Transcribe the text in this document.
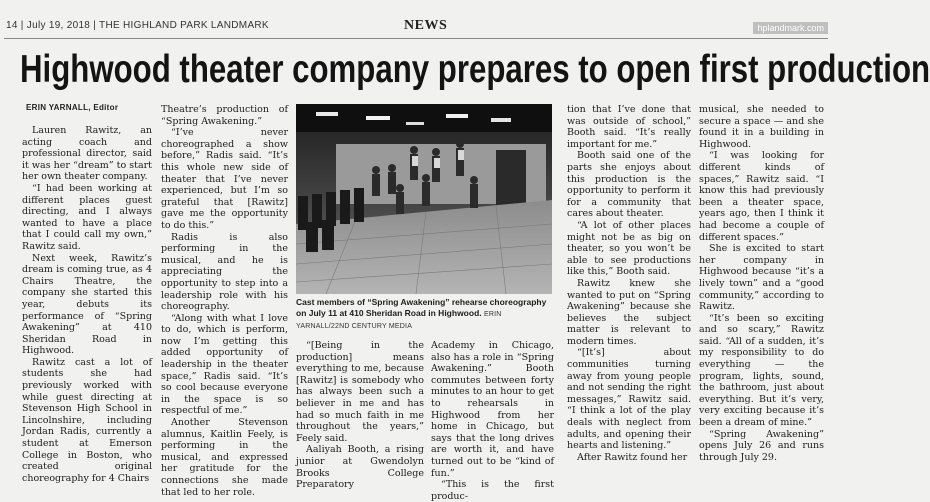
14 | July 19, 2018 | THE HIGHLAND PARK LANDMARK	NEWS	hplandmark.com
Highwood theater company prepares to open first production
ERIN YARNALL, Editor

Lauren Rawitz, an acting coach and professional director, said it was her “dream” to start her own theater company.

“I had been working at different places guest directing, and I always wanted to have a place that I could call my own,” Rawitz said.

Next week, Rawitz’s dream is coming true, as 4 Chairs Theatre, the company she started this year, debuts its performance of “Spring Awakening” at 410 Sheridan Road in Highwood.

Rawitz cast a lot of students she had previously worked with while guest directing at Stevenson High School in Lincolnshire, including Jordan Radis, currently a student at Emerson College in Boston, who created original choreography for 4 Chairs

Theatre’s production of “Spring Awakening.”

“I’ve never choreographed a show before,” Radis said. “It’s this whole new side of theater that I’ve never experienced, but I’m so grateful that [Rawitz] gave me the opportunity to do this.”

Radis is also performing in the musical, and he is appreciating the opportunity to step into a leadership role with his choreography.

“Along with what I love to do, which is perform, now I’m getting this added opportunity of leadership in the theater space,” Radis said. “It’s so cool because everyone in the space is so respectful of me.”

Another Stevenson alumnus, Kaitlin Feely, is performing in the musical, and expressed her gratitude for the connections she made that led to her role.

Cast members of “Spring Awakening” rehearse choreography on July 11 at 410 Sheridan Road in Highwood. ERIN YARNALL/22ND CENTURY MEDIA

“[Being in the production] means everything to me, because [Rawitz] is somebody who has always been such a believer in me and has had so much faith in me throughout the years,” Feely said.

Aaliyah Booth, a rising junior at Gwendolyn Brooks College Preparatory

Academy in Chicago, also has a role in “Spring Awakening.” Booth commutes between forty minutes to an hour to get to rehearsals in Highwood from her home in Chicago, but says that the long drives are worth it, and have turned out to be “kind of fun.”

“This is the first produc-

tion that I’ve done that was outside of school,” Booth said. “It’s really important for me.”

Booth said one of the parts she enjoys about this production is the opportunity to perform it for a community that cares about theater.

“A lot of other places might not be as big on theater, so you won’t be able to see productions like this,” Booth said.

Rawitz knew she wanted to put on “Spring Awakening” because she believes the subject matter is relevant to modern times.

“[It’s] about communities turning away from young people and not sending the right messages,” Rawitz said. “I think a lot of the play deals with neglect from adults, and opening their hearts and listening.”

After Rawitz found her

musical, she needed to secure a space — and she found it in a building in Highwood.

“I was looking for different kinds of spaces,” Rawitz said. “I know this had previously been a theater space, years ago, then I think it had become a couple of different spaces.”

She is excited to start her company in Highwood because “it’s a lively town” and a “good community,” according to Rawitz.

“It’s been so exciting and so scary,” Rawitz said. “All of a sudden, it’s my responsibility to do everything — the program, lights, sound, the bathroom, just about everything. But it’s very, very exciting because it’s been a dream of mine.”

“Spring Awakening” opens July 26 and runs through July 29.
